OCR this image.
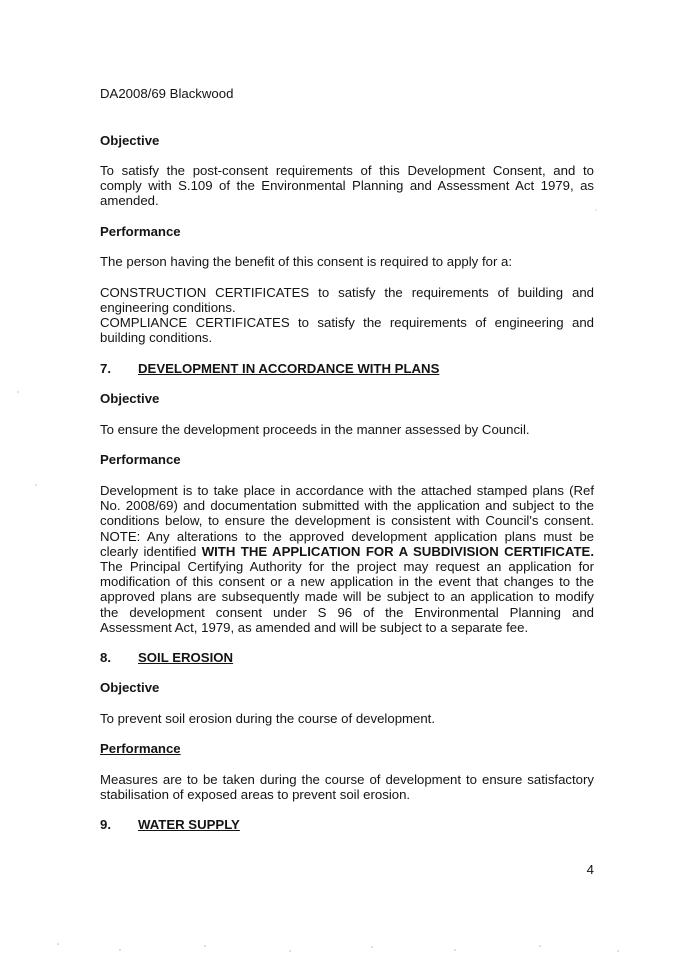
DA2008/69 Blackwood

Objective

To satisfy the post-consent requirements of this Development Consent, and to comply with S.109 of the Environmental Planning and Assessment Act 1979, as amended.

Performance

The person having the benefit of this consent is required to apply for a:

CONSTRUCTION CERTIFICATES to satisfy the requirements of building and engineering conditions.

COMPLIANCE CERTIFICATES to satisfy the requirements of engineering and building conditions.

7. DEVELOPMENT IN ACCORDANCE WITH PLANS

Objective

To ensure the development proceeds in the manner assessed by Council.

Performance

Development is to take place in accordance with the attached stamped plans (Ref No. 2008/69) and documentation submitted with the application and subject to the conditions below, to ensure the development is consistent with Council's consent. NOTE: Any alterations to the approved development application plans must be clearly identified WITH THE APPLICATION FOR A SUBDIVISION CERTIFICATE. The Principal Certifying Authority for the project may request an application for modification of this consent or a new application in the event that changes to the approved plans are subsequently made will be subject to an application to modify the development consent under S 96 of the Environmental Planning and Assessment Act, 1979, as amended and will be subject to a separate fee.

8. SOIL EROSION

Objective

To prevent soil erosion during the course of development.

Performance

Measures are to be taken during the course of development to ensure satisfactory stabilisation of exposed areas to prevent soil erosion.

9. WATER SUPPLY
4
